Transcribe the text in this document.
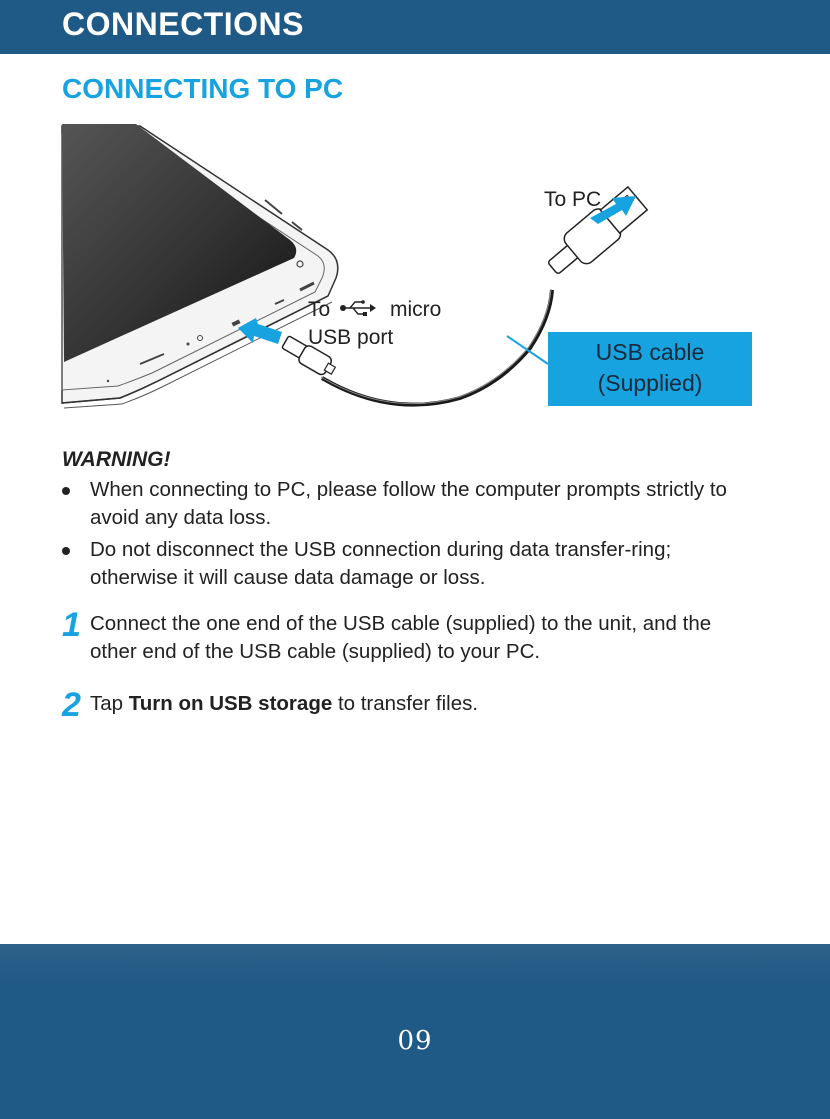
CONNECTIONS
CONNECTING TO PC
To PC
To	micro
USB port
USB cable
(Supplied)
WARNING!
When connecting to PC, please follow the computer prompts strictly to avoid any data loss.
Do not disconnect the USB connection during data transfer-ring; otherwise it will cause data damage or loss.
1 Connect the one end of the USB cable (supplied) to the unit, and the other end of the USB cable (supplied) to your PC.
2 Tap Turn on USB storage to transfer files.
09
